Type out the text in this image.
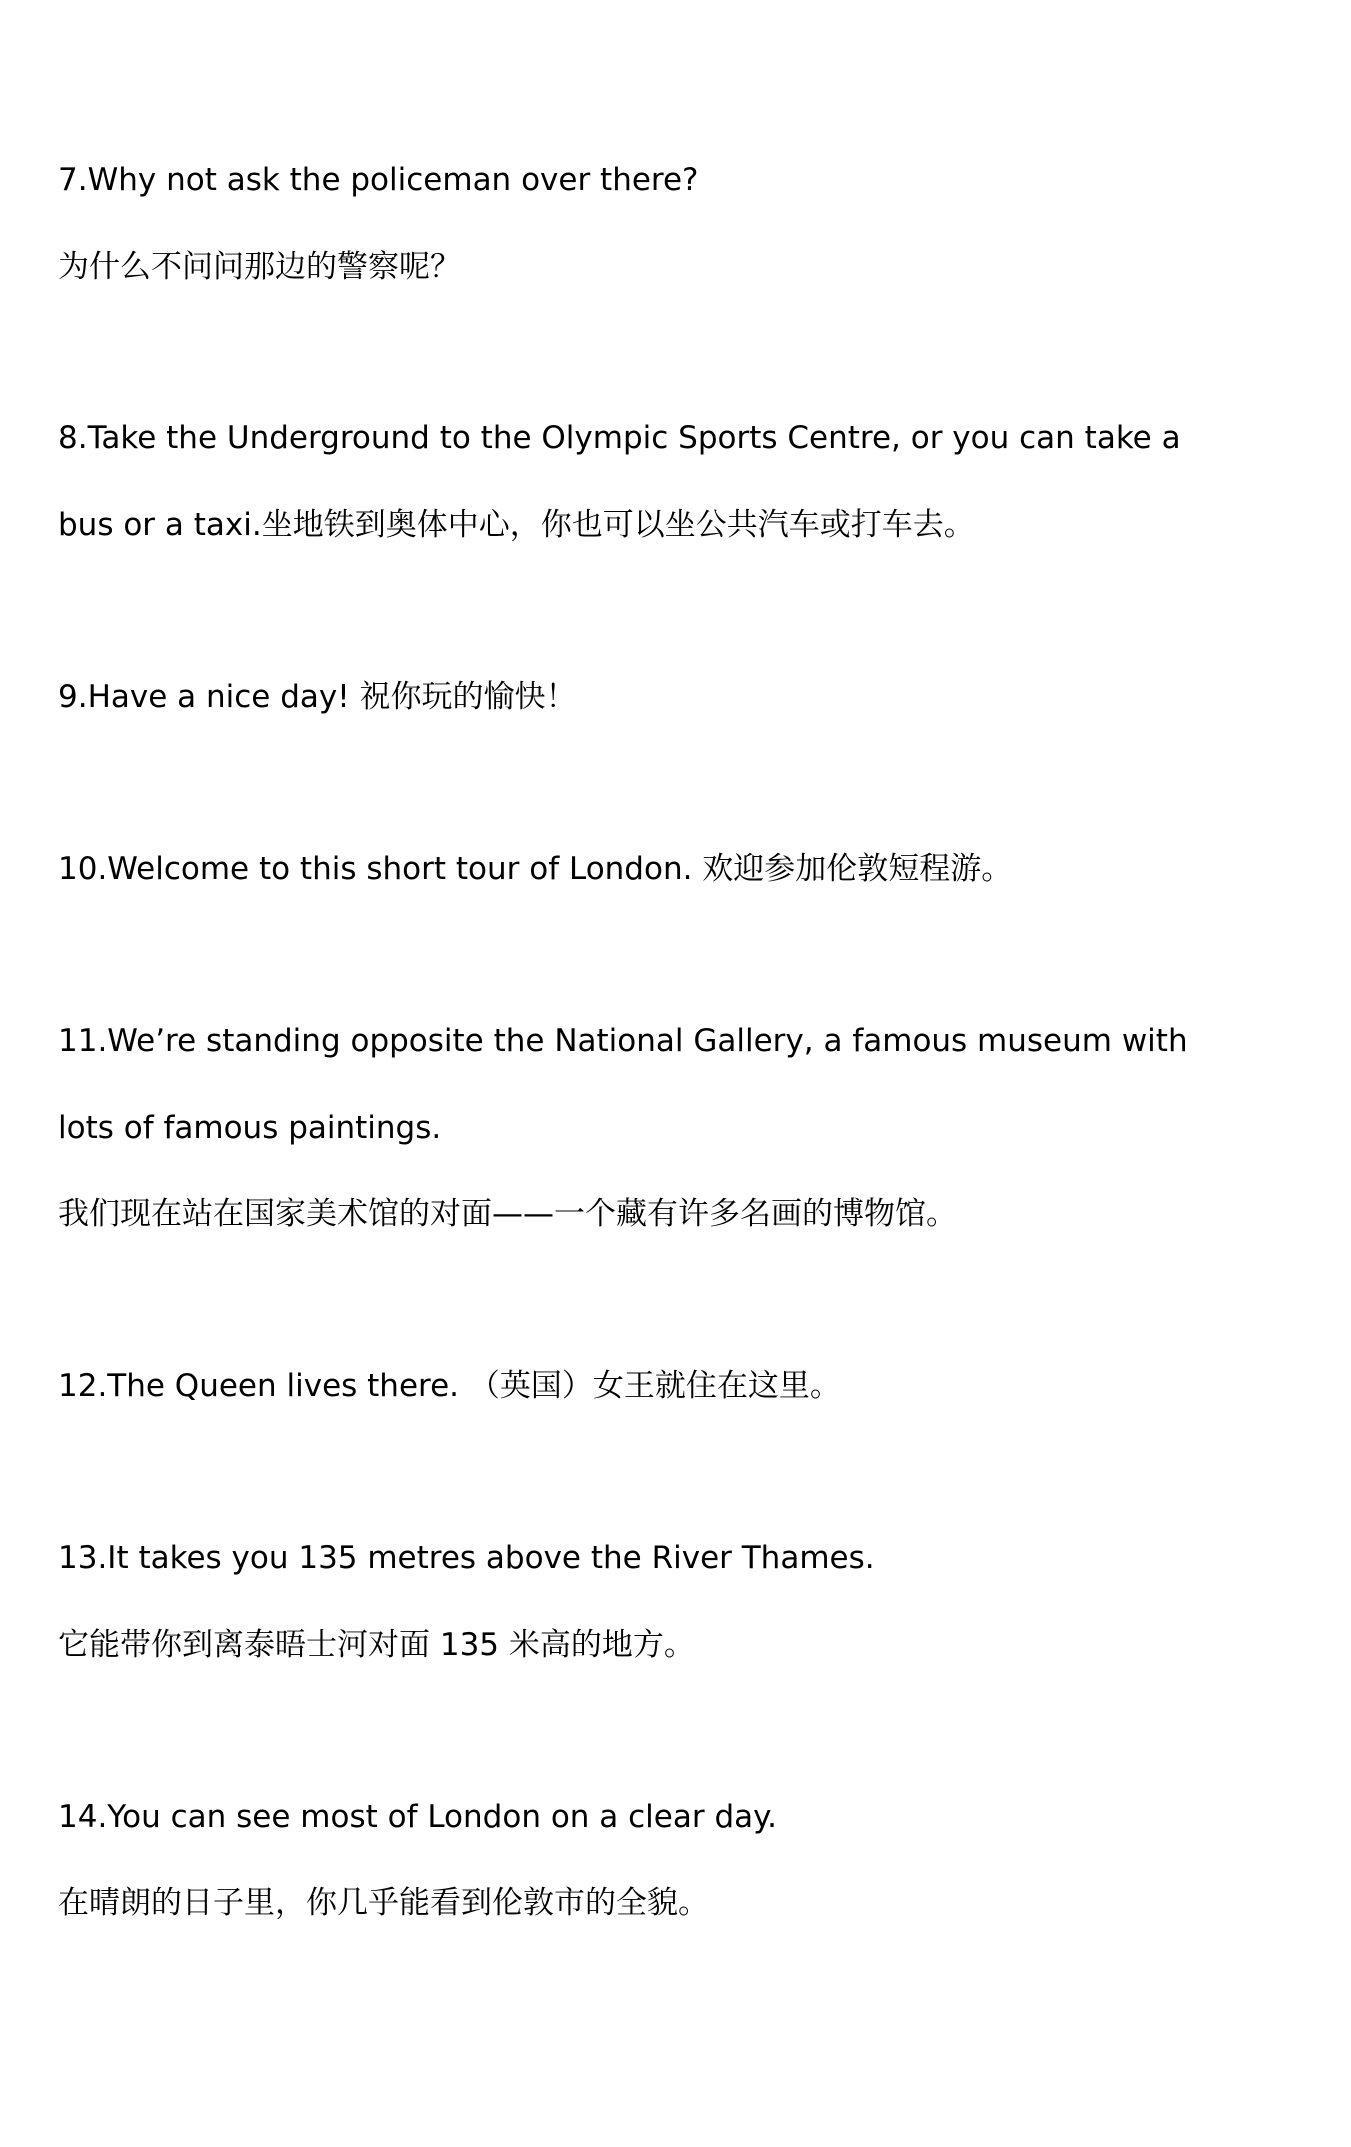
7.Why not ask the policeman over there?
为什么不问问那边的警察呢？
8.Take the Underground to the Olympic Sports Centre, or you can take a
bus or a taxi.坐地铁到奥体中心，你也可以坐公共汽车或打车去。
9.Have a nice day! 祝你玩的愉快！
10.Welcome to this short tour of London. 欢迎参加伦敦短程游。
11.We’re standing opposite the National Gallery, a famous museum with
lots of famous paintings.
我们现在站在国家美术馆的对面——一个藏有许多名画的博物馆。
12.The Queen lives there. （英国）女王就住在这里。
13.It takes you 135 metres above the River Thames.
它能带你到离泰晤士河对面 135 米高的地方。
14.You can see most of London on a clear day.
在晴朗的日子里，你几乎能看到伦敦市的全貌。
